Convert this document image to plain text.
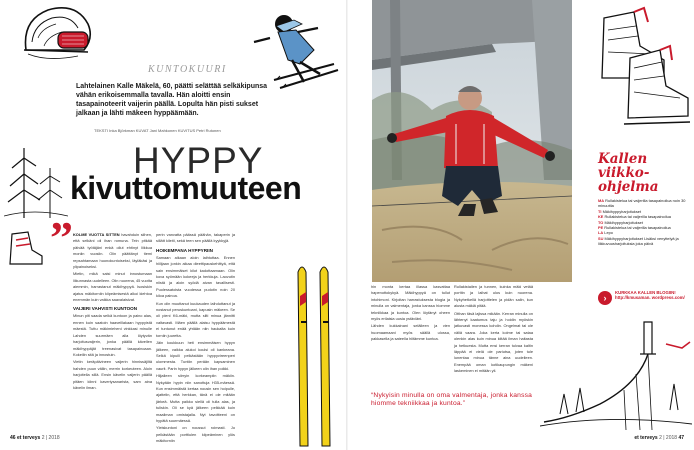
KUNTOKUURI
Lahtelainen Kalle Mäkelä, 60, päätti selättää selkäkipunsa vähän erikoisemmalla tavalla. Hän aloitti ensin tasapainoteerit vaijerin päällä. Lopulta hän pisti sukset jalkaan ja lähti mäkeen hyppäämään.
TEKSTI Inka Björkman KUVAT Jani Mahkonen KUVITUS Petri Rutonen
HYPPY
kivuttomuuteen
” KOLME VUOTTA SITTEN havahduin siihen, että selkäni oli ihan romuna. Tein pitkää päivää työtäjäni enkä ollut ehtinyt liikkua moniin vuosiin. Olin päättänyt tiemi repsahtamaan huonokuntoiseksi, läyläkäsi ja ylipainoiseksi.

Mietin, mikä saisi minut innostumaan liikunnasta uudelleen. Olin nuorena, 45 vuotta aiemmin, harrastanut mäkihyppyä. Isosiskin ajatus mäkitorniin kiipeämisestä alkoi kiehtoa enemmän kuin vaikka saavalaisivat.

VAIJERI VAHVISTI KUNTOON

Minun piti saada selkä kuntoon ja paino alas, ennen kuin saatoin haaveillakaan hyppyistä mäestä. Tuttu mäkimieheni vinkkasi minulle Lahden suurmäen alla löytyvän harjoitusvaijerin, jonka päällä kävellen mäkihyppäjät treenasivat tasapainoaan. Kokeilin sitä ja innostuin.

Vietin keräpäivineen vaijerin hinnissäjiltä hahden puun väliin, merrin korkeuteen. Aloin harjoitella sillä. Ensin kävelin vaijerin päällä pitäen kiinni kaveriysanarista, sam aina kävelin ilman.

perin vanvatta päässä päähän, takaperin ja sillätt kileiti, sekä teen sen päällä kyykkyjä.

HOIKEMPANA HYPPYRIIN

Samaan aikaan aloin laihtuttaa. Ennen hiilijaan jonkin aikaa dieettipauskehittyä, että sain ensimmäiset kilot kadottaamaan. Olin kova syömään kokeeja ja herkkuja. Laovutin niistä ja aloin syödä aivan tavallisesti. Puolessatoista vuodessa pudotin noin 20 kiloa painoa.

Kun olin muuttanut kuukauden laihduttanut ja nostanut peruskuntoani, kapusin mäkeen. Se oli pieni K6-mäki, mutta silti minua jännitti valtavasti. Mäen päällä alaisu hyppäämestä ei tuntunut enää yhtään niin haukalta kuin torniin juuretta.

Jäin koukkuun heti ensimmäisen hypyn jälkeen, vaikka alukoi koulsi oli kankeana. Selkä kipuili pelkästään hyppyvireenperi ulommesta. Tuntiin perään kapsaminen vaurit. Parin hypyn jälkeen olin ihan poikki.

Hiljalleen siirryin korkeampiin mäkiin. Nykyään hypin niin sanottuja H35-mäessä. Kun ensimmäistä kertaa nousin sen hoipulle, ajattelin, että herkkan, tänä ei ole mitään järkeä. Mutta paikko siellä oli tulla alas, ja tuliskin. Oli se kyä jälkeen pelkkää kuin maailman omistajalla. Nyt tavoitteeni on hypätä suurmäessä.

Yleiskuntoni on noussut roimasti. Jo pelkästään porttiulen kiipeäminen ylös mäkitorniin

46 et terveys 2 | 2018

hin monta kertaa illassa kasvattaa hapenottokykyä. Mäkihyppyä on tullut intohimoni. Kirjoitan harrastuksesta blogia ja minulla on valmentaja, jonka kanssa hiomme tekniikkaa ja kuntoa. Olen löytänyt oheen myös erilaisia uusia ystäviäni.

Lähden kukkainani selälleen ja vien huomaamaani myös säällä ulossa, pakkasella ja sateella hiitämme kuntoa.

Rullakistailen ja tunnen, kuinka mäki vetää porttin ja laihat ulos kuin nuorena. Nykyhetkellä harjoittelen ja pidän salin, kun alusta mäkiä pitää.

Otthan täsä lajissa mikään. Kerran minulla on lähtenyt kaatumus taju ja hoidin myöskin jatkuvasti monessa kohdin. Ongelmat tai ole väliä vaara. Joka kerta kolme tai sataa olenkin alas kuin minua kiitää ilman haitasta ja hetkuesta. Mutta ensi kerran tulvaa kaltin läppää ei vielä ole pariutsa, joten tule lunentaa minua tänne aina uudelleen. Enempää oman kotikaupungin mäkeni laskeminen ei mitään yli.

“Nykyisin minulla on oma valmentaja, jonka kanssa hiomme tekniikkaa ja kuntoa.”
Kallen viikko-ohjelma
MA Rullakistelua tai vaijerilla tasapainoilua noin 30 minuuttia
TI Mäkihyppyharjoitukset
KE Rullakistelua tai vaijerilla tasapainoilua
TO Mäkihyppyharjoitukset
PE Rullakistelua tai vaijerilla tasapainoilua
LA Lepo
SU Mäkihyppyharjoitukset Lisäksi venyttelyä ja liikkuvuusharjoituksia joka päivä
›
KURKKAA KALLEN BLOGIIN! http://kmusaman. wordpress.com/
et terveys 2 | 2018 47
